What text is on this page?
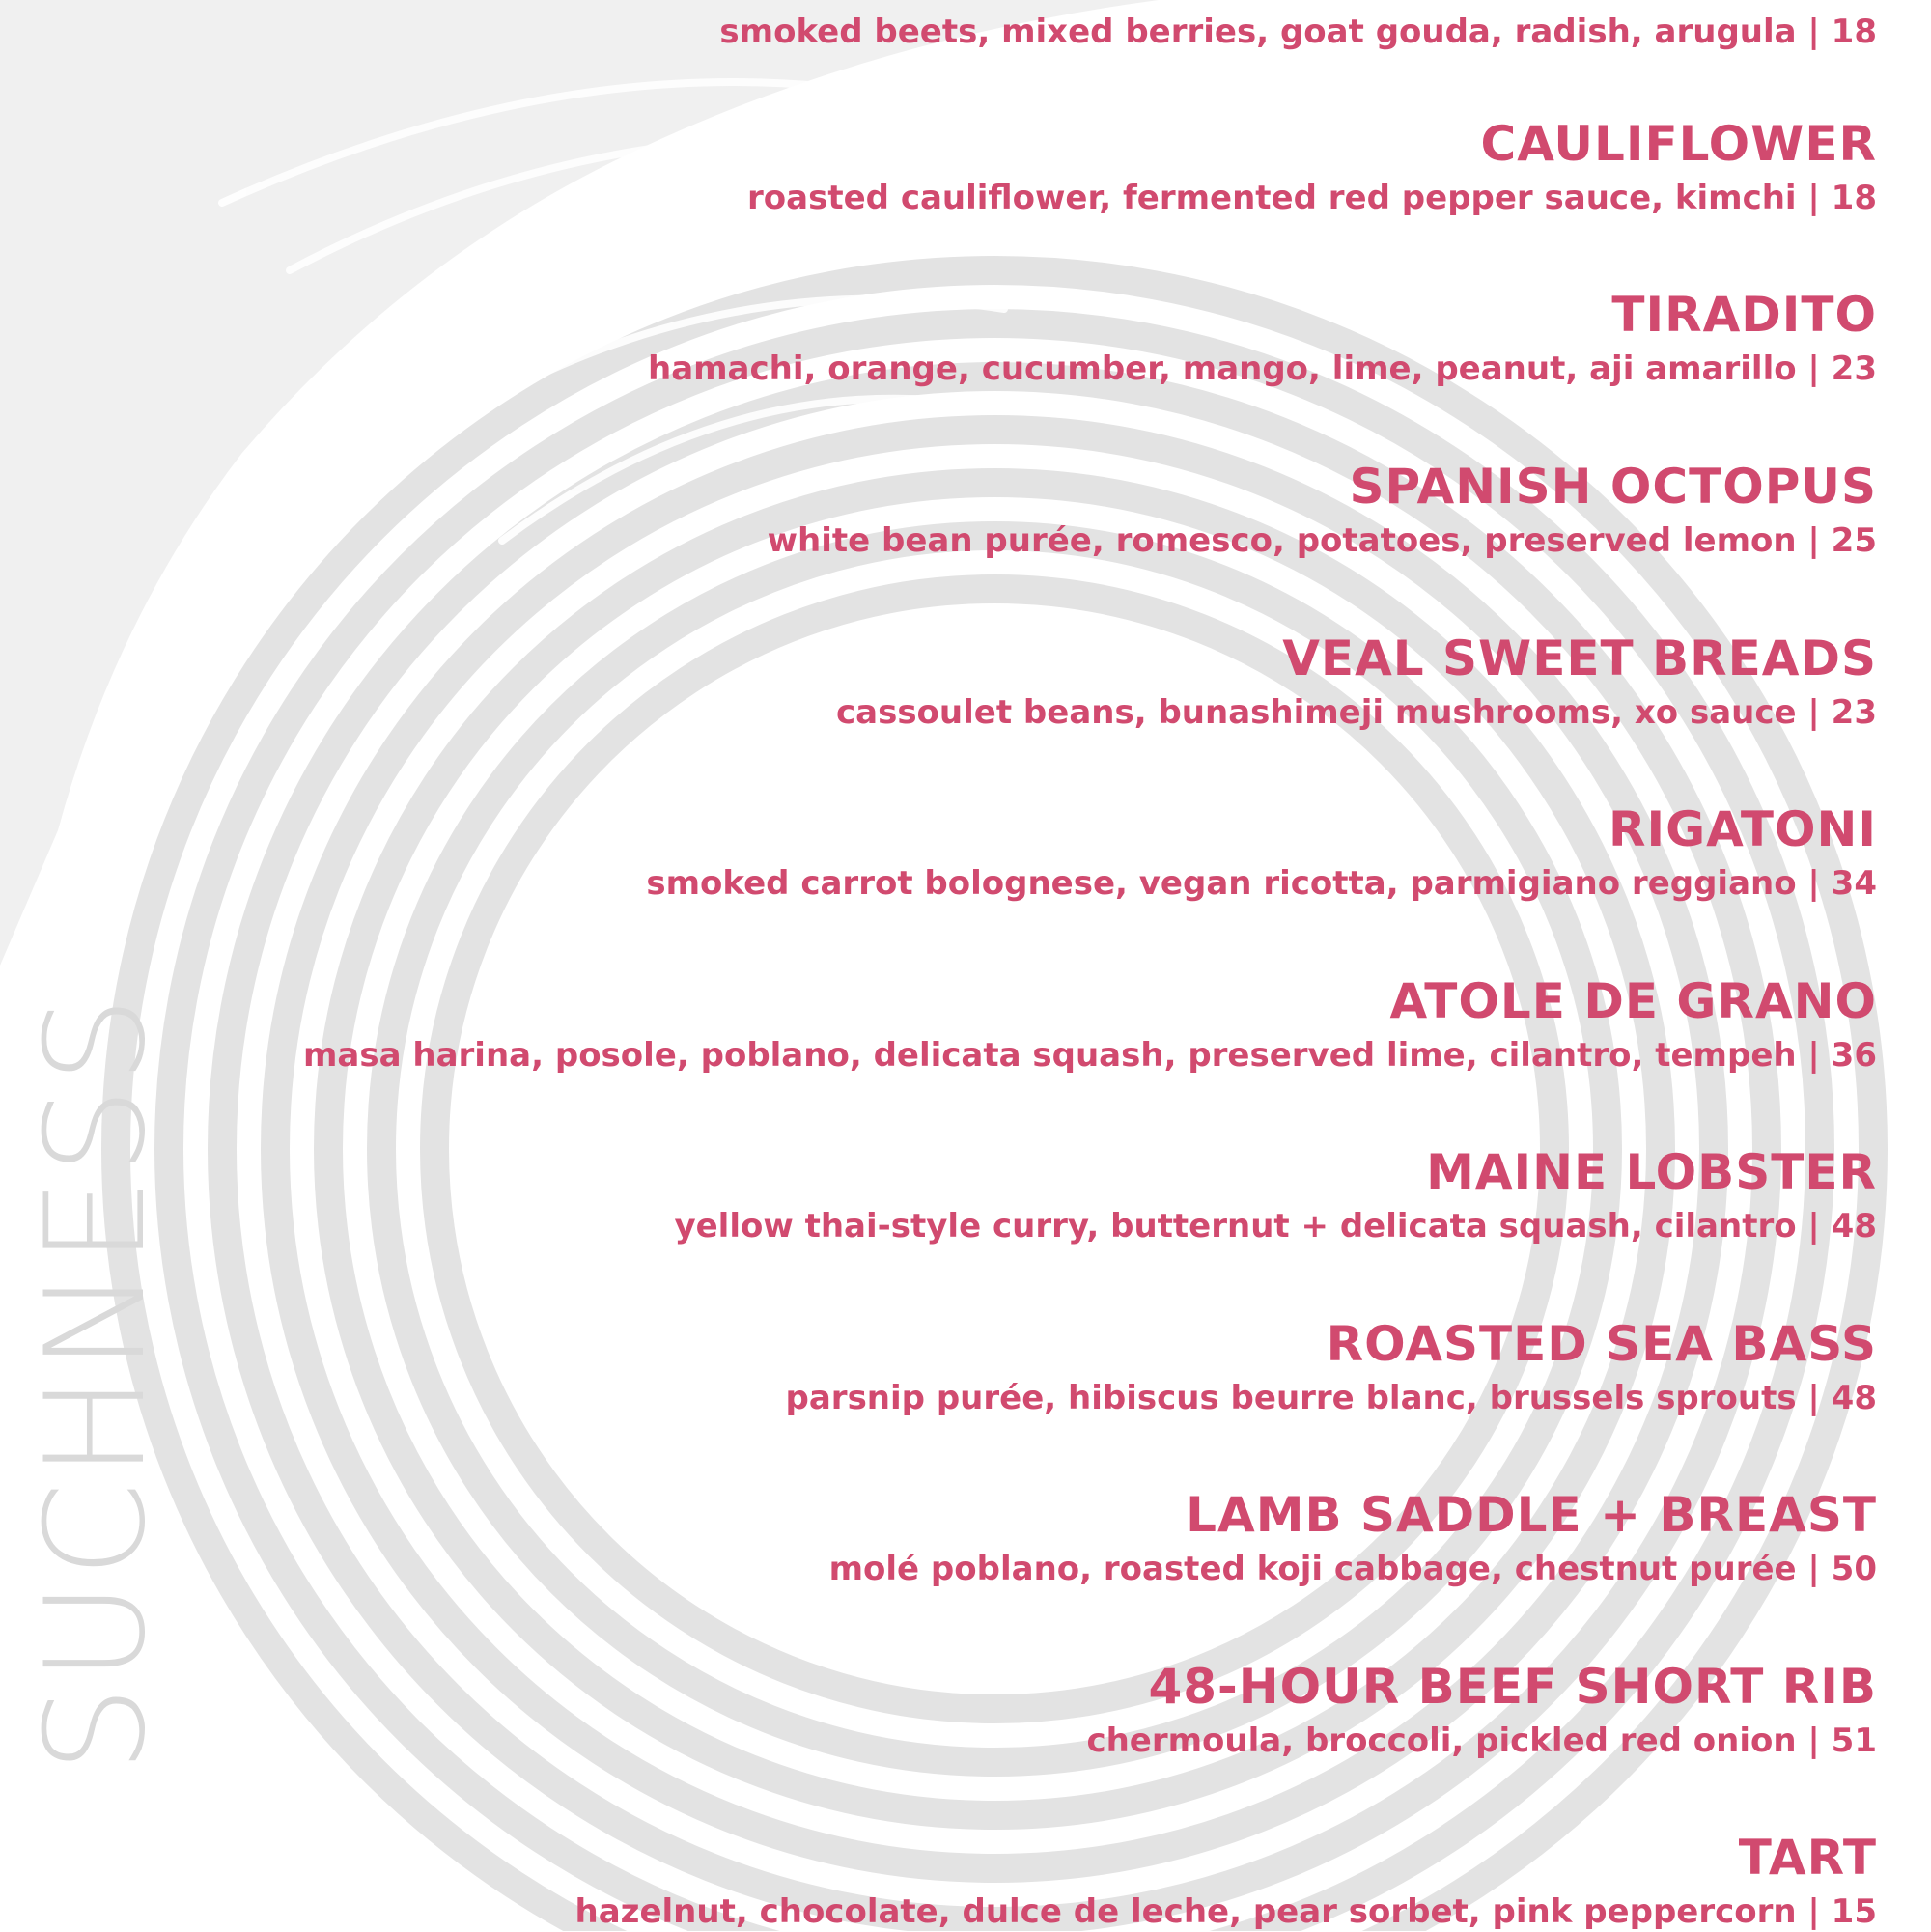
SUCHNESS
smoked beets, mixed berries, goat gouda, radish, arugula | 18
CAULIFLOWER
roasted cauliflower, fermented red pepper sauce, kimchi | 18
TIRADITO
hamachi, orange, cucumber, mango, lime, peanut, aji amarillo | 23
SPANISH OCTOPUS
white bean purée, romesco, potatoes, preserved lemon | 25
VEAL SWEET BREADS
cassoulet beans, bunashimeji mushrooms, xo sauce | 23
RIGATONI
smoked carrot bolognese, vegan ricotta, parmigiano reggiano | 34
ATOLE DE GRANO
masa harina, posole, poblano, delicata squash, preserved lime, cilantro, tempeh | 36
MAINE LOBSTER
yellow thai-style curry, butternut + delicata squash, cilantro | 48
ROASTED SEA BASS
parsnip purée, hibiscus beurre blanc, brussels sprouts | 48
LAMB SADDLE + BREAST
molé poblano, roasted koji cabbage, chestnut purée | 50
48-HOUR BEEF SHORT RIB
chermoula, broccoli, pickled red onion | 51
TART
hazelnut, chocolate, dulce de leche, pear sorbet, pink peppercorn | 15
